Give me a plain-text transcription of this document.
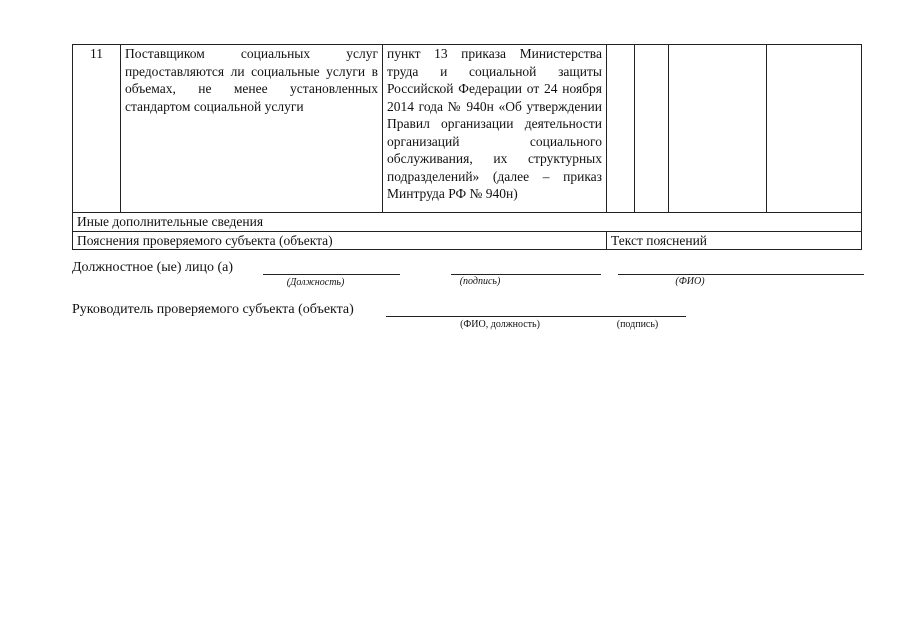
11	Поставщиком социальных услуг предоставляются ли социальные услуги в объемах, не менее установленных стандартом социальной услуги	пункт 13 приказа Министерства труда и социальной защиты Российской Федерации от 24 ноября 2014 года № 940н «Об утверждении Правил организации деятельности организаций социального обслуживания, их структурных подразделений» (далее – приказ Минтруда РФ № 940н)				
Иные дополнительные сведения						
Пояснения проверяемого субъекта (объекта)			Текст пояснений			
Должностное (ые) лицо (а)
(Должность)	(подпись)	(ФИО)
Руководитель проверяемого субъекта (объекта)
(ФИО, должность)	(подпись)
